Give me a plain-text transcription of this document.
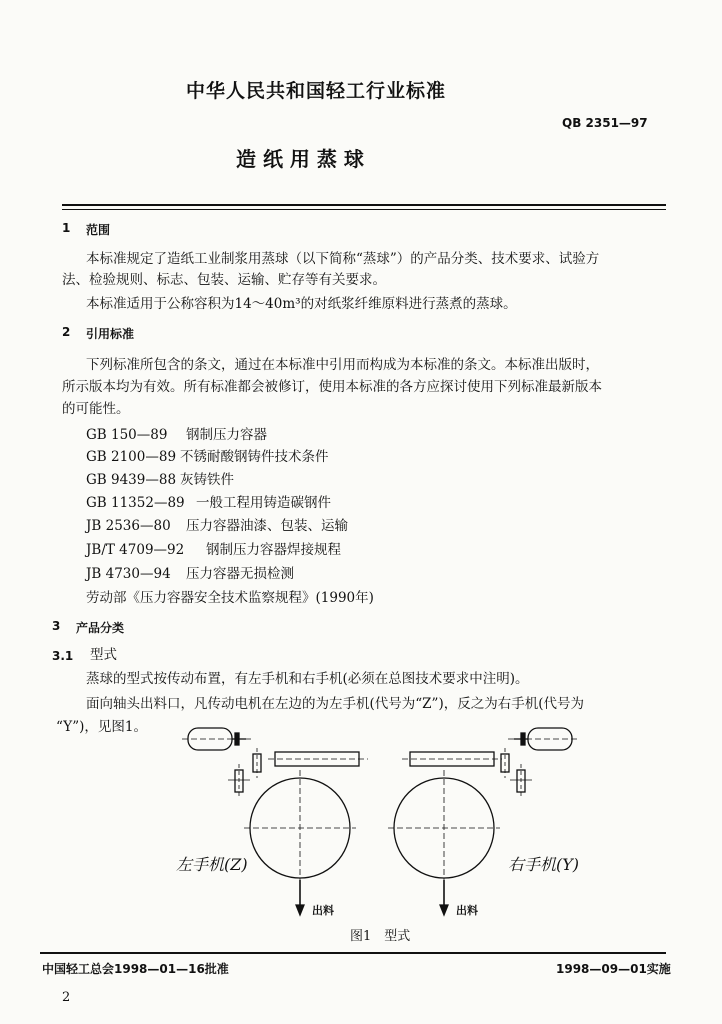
中华人民共和国轻工行业标准
QB 2351—97
造 纸 用 蒸 球
1 范围
本标准规定了造纸工业制浆用蒸球（以下简称“蒸球”）的产品分类、技术要求、试验方
法、检验规则、标志、包装、运输、贮存等有关要求。
本标准适用于公称容积为14～40m³的对纸浆纤维原料进行蒸煮的蒸球。
2 引用标准
下列标准所包含的条文，通过在本标准中引用而构成为本标准的条文。本标准出版时，
所示版本均为有效。所有标准都会被修订，使用本标准的各方应探讨使用下列标准最新版本
的可能性。
GB 150—89 钢制压力容器
GB 2100—89 不锈耐酸钢铸件技术条件
GB 9439—88 灰铸铁件
GB 11352—89 一般工程用铸造碳钢件
JB 2536—80 压力容器油漆、包装、运输
JB/T 4709—92 钢制压力容器焊接规程
JB 4730—94 压力容器无损检测
劳动部《压力容器安全技术监察规程》(1990年)
3 产品分类
3.1 型式
蒸球的型式按传动布置，有左手机和右手机(必须在总图技术要求中注明)。
面向轴头出料口，凡传动电机在左边的为左手机(代号为“Z”)，反之为右手机(代号为
“Y”)，见图1。
左手机(Z)	右手机(Y)
出料	出料
图1　型式
中国轻工总会1998—01—16批准	1998—09—01实施
2
